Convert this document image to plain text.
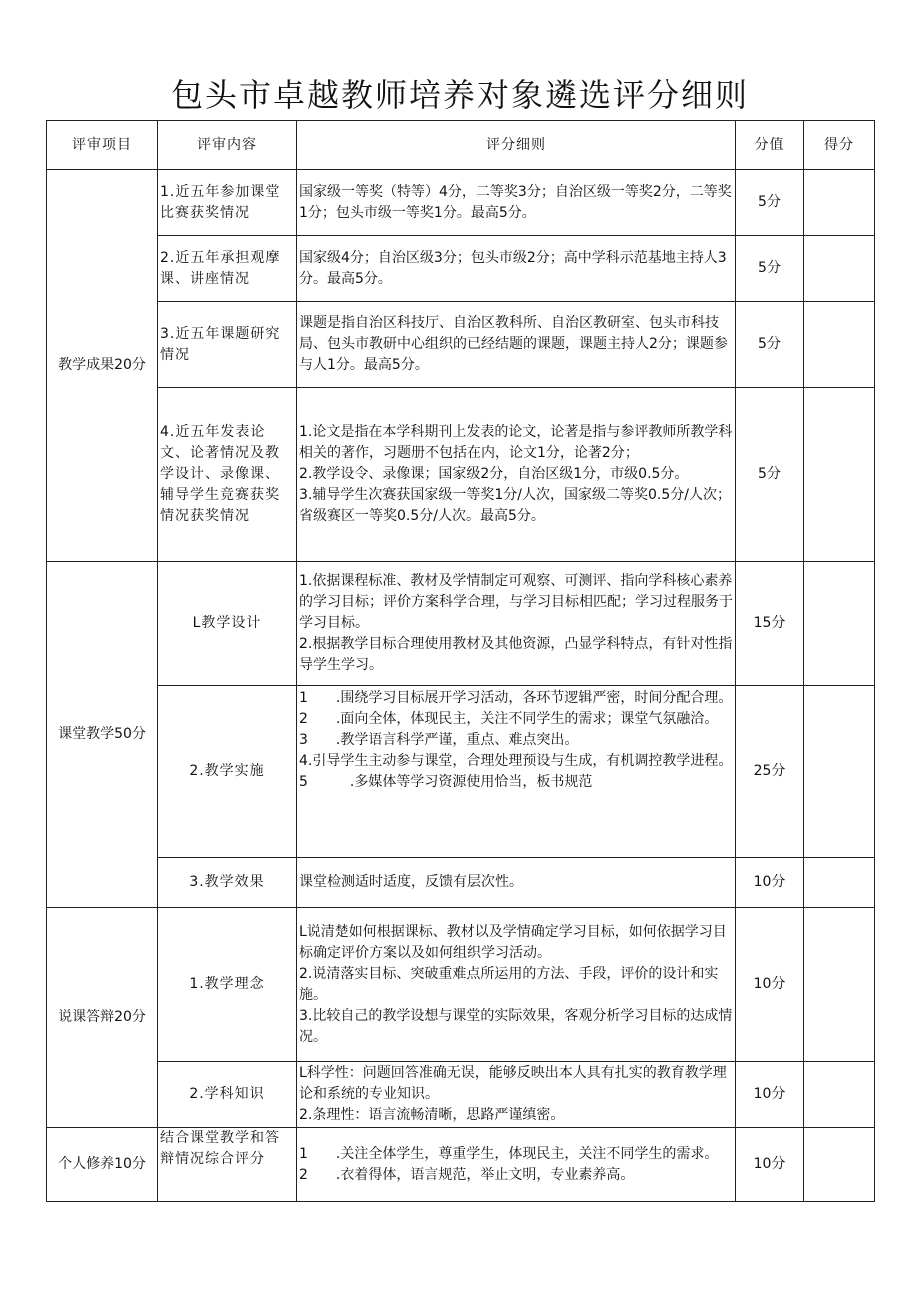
包头市卓越教师培养对象遴选评分细则
评审项目	评审内容	评分细则	分值	得分
教学成果20分	1.近五年参加课堂比赛获奖情况	国家级一等奖（特等）4分，二等奖3分；自治区级一等奖2分，二等奖1分；包头市级一等奖1分。最高5分。	5分	
	2.近五年承担观摩课、讲座情况	国家级4分；自治区级3分；包头市级2分；高中学科示范基地主持人3分。最高5分。	5分	
	3.近五年课题研究情况	课题是指自治区科技厅、自治区教科所、自治区教研室、包头市科技局、包头市教研中心组织的已经结题的课题，课题主持人2分；课题参与人1分。最高5分。	5分	
	4.近五年发表论文、论著情况及教学设计、录像课、辅导学生竞赛获奖情况获奖情况	1.论文是指在本学科期刊上发表的论文，论著是指与参评教师所教学科相关的著作，习题册不包括在内，论文1分，论著2分；
2.教学设令、录像课；国家级2分，自治区级1分，市级0.5分。
3.辅导学生次赛获国家级一等奖1分/人次，国家级二等奖0.5分/人次；省级赛区一等奖0.5分/人次。最高5分。	5分	
课堂教学50分	L教学设计	1.依据课程标准、教材及学情制定可观察、可测评、指向学科核心素养的学习目标；评价方案科学合理，与学习目标相匹配；学习过程服务于学习目标。
2.根据教学目标合理使用教材及其他资源，凸显学科特点，有针对性指导学生学习。	15分	
	2.教学实施	1　　.围绕学习目标展开学习活动，各环节逻辑严密，时间分配合理。
2　　.面向全体，体现民主，关注不同学生的需求；课堂气氛融洽。
3　　.教学语言科学严谨，重点、难点突出。
4.引导学生主动参与课堂，合理处理预设与生成，有机调控教学进程。
5　　　.多媒体等学习资源使用恰当，板书规范	25分	
	3.教学效果	课堂检测适时适度，反馈有层次性。	10分	
说课答辩20分	1.教学理念	L说清楚如何根据课标、教材以及学情确定学习目标，如何依据学习目标确定评价方案以及如何组织学习活动。
2.说清落实目标、突破重难点所运用的方法、手段，评价的设计和实施。
3.比较自己的教学设想与课堂的实际效果，客观分析学习目标的达成情况。	10分	
	2.学科知识	L科学性：问题回答准确无误，能够反映出本人具有扎实的教育教学理论和系统的专业知识。
2.条理性：语言流畅清晰，思路严谨缜密。	10分	
个人修养10分	结合课堂教学和答辩情况综合评分	1　　.关注全体学生，尊重学生，体现民主，关注不同学生的需求。
2　　.衣着得体，语言规范，举止文明，专业素养高。	10分	
